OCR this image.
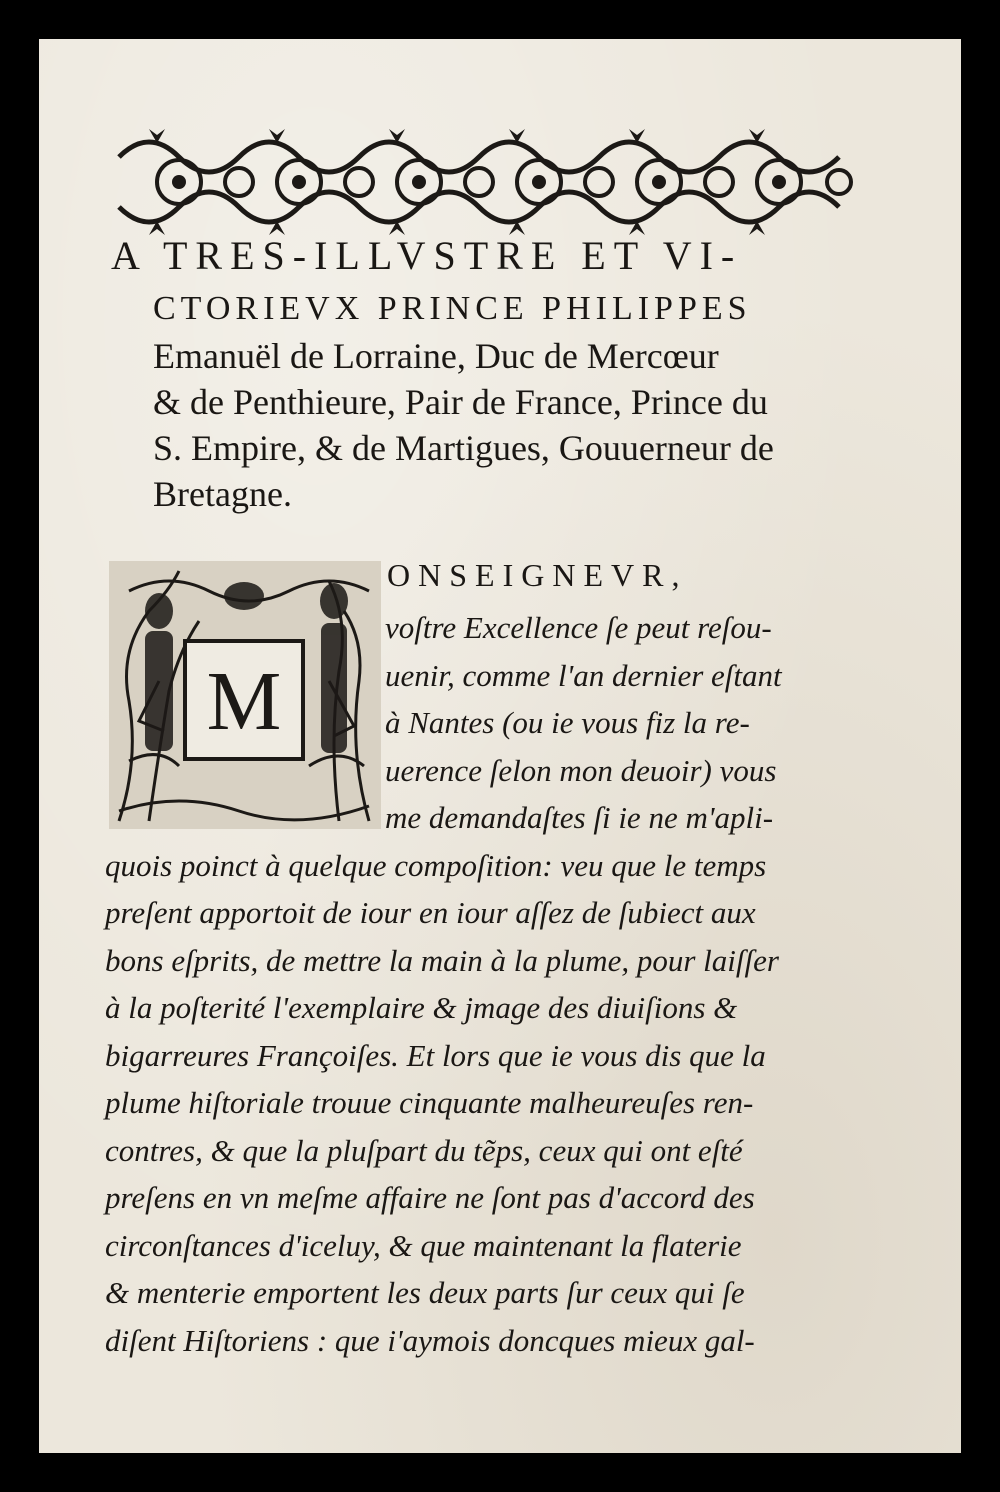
A TRES-ILLVSTRE ET VI-
CTORIEVX PRINCE PHILIPPES
Emanuël de Lorraine, Duc de Mercœur
& de Penthieure, Pair de France, Prince du
S. Empire, & de Martigues, Gouuerneur de
Bretagne.
M
ONSEIGNEVR,
voſtre Excellence ſe peut reſou-
uenir, comme l'an dernier eſtant
à Nantes (ou ie vous fiz la re-
uerence ſelon mon deuoir) vous
me demandaſtes ſi ie ne m'apli-
quois poinct à quelque compoſition: veu que le temps
preſent apportoit de iour en iour aſſez de ſubiect aux
bons eſprits, de mettre la main à la plume, pour laiſſer
à la poſterité l'exemplaire & jmage des diuiſions &
bigarreures Françoiſes. Et lors que ie vous dis que la
plume hiſtoriale trouue cinquante malheureuſes ren-
contres, & que la pluſpart du tẽps, ceux qui ont eſté
preſens en vn meſme affaire ne ſont pas d'accord des
circonſtances d'iceluy, & que maintenant la flaterie
& menterie emportent les deux parts ſur ceux qui ſe
diſent Hiſtoriens : que i'aymois doncques mieux gal-
